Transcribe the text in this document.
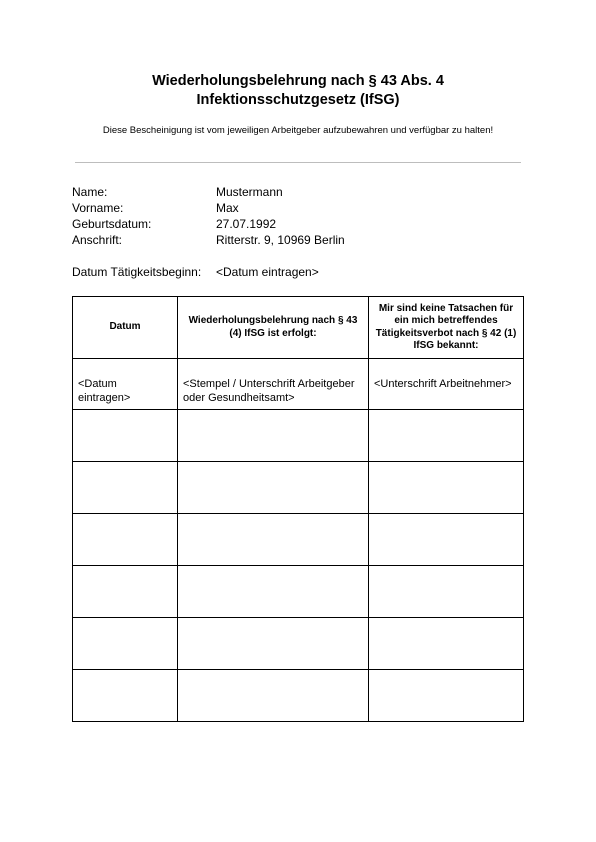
Wiederholungsbelehrung nach § 43 Abs. 4
Infektionsschutzgesetz (IfSG)
Diese Bescheinigung ist vom jeweiligen Arbeitgeber aufzubewahren und verfügbar zu halten!
Name:	Mustermann
Vorname:	Max
Geburtsdatum:	27.07.1992
Anschrift:	Ritterstr. 9, 10969 Berlin
Datum Tätigkeitsbeginn:	<Datum eintragen>
Datum	Wiederholungsbelehrung nach § 43 (4) IfSG ist erfolgt:	Mir sind keine Tatsachen für ein mich betreffendes Tätigkeitsverbot nach § 42 (1) IfSG bekannt:
<Datum eintragen>	<Stempel / Unterschrift Arbeitgeber oder Gesundheitsamt>	<Unterschrift Arbeitnehmer>
